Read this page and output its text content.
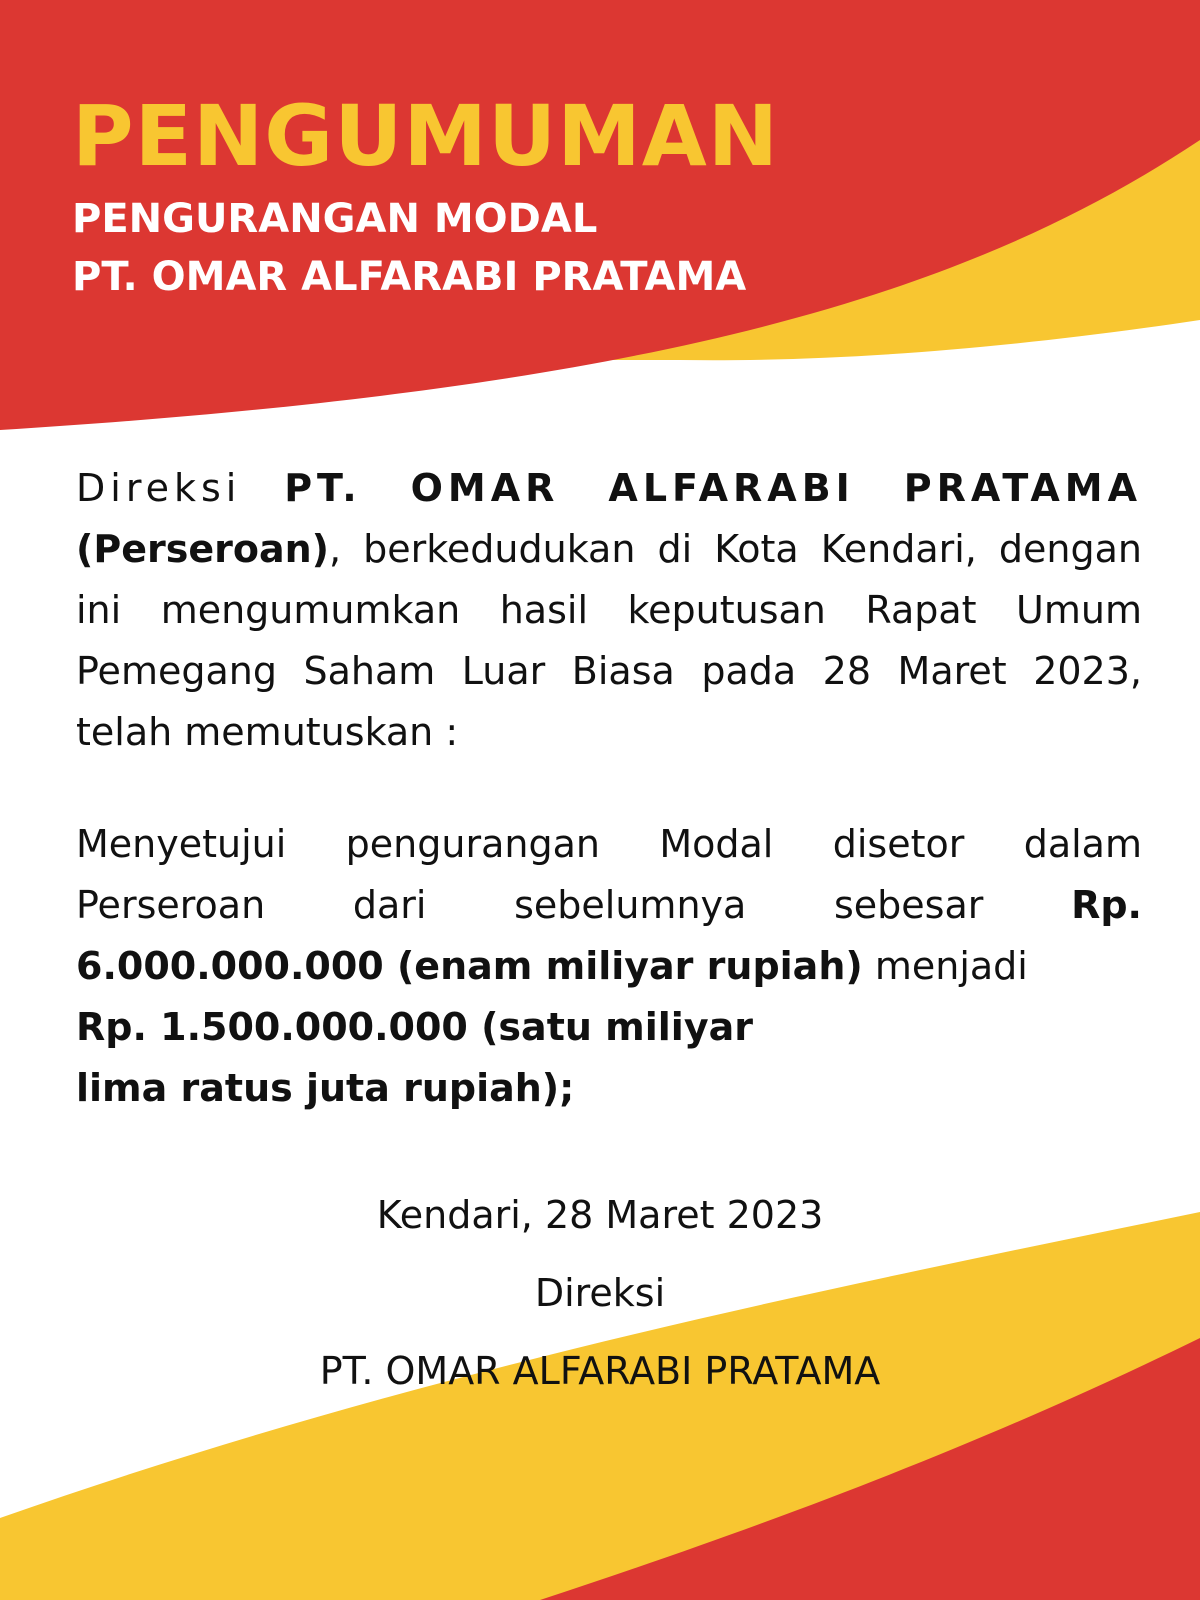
PENGUMUMAN

PENGURANGAN MODAL

PT. OMAR ALFARABI PRATAMA

Direksi PT. OMAR ALFARABI PRATAMA (Perseroan), berkedudukan di Kota Kendari, dengan ini mengumumkan hasil keputusan Rapat Umum Pemegang Saham Luar Biasa pada 28 Maret 2023, telah memutuskan :

Menyetujui pengurangan Modal disetor dalam Perseroan dari sebelumnya sebesar Rp. 6.000.000.000 (enam miliyar rupiah) menjadi
Rp. 1.500.000.000 (satu miliyar
lima ratus juta rupiah);

Kendari, 28 Maret 2023

Direksi

PT. OMAR ALFARABI PRATAMA
